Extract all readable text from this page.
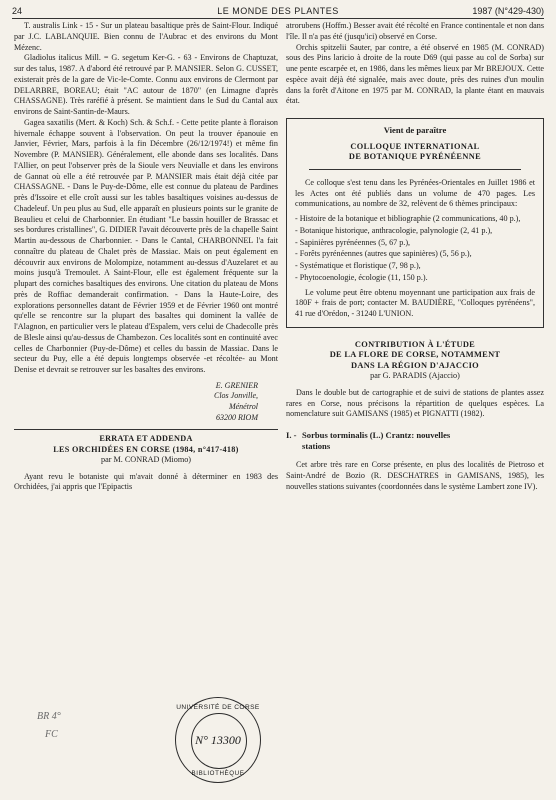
24	LE MONDE DES PLANTES	1987 (N°429-430)

T. australis Link - 15 - Sur un plateau basaltique près de Saint-Flour. Indiqué par J.C. LABLANQUIE. Bien connu de l'Aubrac et des environs du Mont Mézenc.

Gladiolus italicus Mill. = G. segetum Ker-G. - 63 - Environs de Chaptuzat, sur des talus, 1987. A d'abord été retrouvé par P. MANSIER. Selon G. CUSSET, existerait près de la gare de Vic-le-Comte. Connu aux environs de Clermont par DELARBRE, BOREAU; était "AC autour de 1870" (en Limagne d'après CHASSAGNE). Très raréfié à présent. Se maintient dans le Sud du Cantal aux environs de Saint-Santin-de-Maurs.

Gagea saxatilis (Mert. & Koch) Sch. & Sch.f. - Cette petite plante à floraison hivernale échappe souvent à l'observation. On peut la trouver épanouie en Janvier, Février, Mars, parfois à la fin Décembre (26/12/1974!) et même fin Novembre (P. MANSIER). Généralement, elle abonde dans ses localités. Dans l'Allier, on peut l'observer près de la Sioule vers Neuvialle et dans les environs de Gannat où elle a été retrouvée par P. MANSIER mais était déjà citée par CHASSAGNE. - Dans le Puy-de-Dôme, elle est connue du plateau de Pardines près d'Issoire et elle croît aussi sur les tables basaltiques voisines au-dessus de Chadeleuf. Un peu plus au Sud, elle apparaît en plusieurs points sur le granite de Beaulieu et celui de Charbonnier. En étudiant "Le bassin houiller de Brassac et ses bordures cristallines", G. DIDIER l'avait découverte près de la chapelle Saint Martin au-dessous de Charbonnier. - Dans le Cantal, CHARBONNEL l'a fait connaître du plateau de Chalet près de Massiac. Mais on peut également en découvrir aux environs de Molompize, notamment au-dessus d'Auzelaret et au moins jusqu'à Tremoulet. A Saint-Flour, elle est également fréquente sur la plupart des corniches basaltiques des environs. Une citation du plateau de Mons près de Roffiac demanderait confirmation. - Dans la Haute-Loire, des explorations personnelles datant de Février 1959 et de Février 1960 ont montré qu'elle se rencontre sur la plupart des basaltes qui dominent la vallée de l'Alagnon, en particulier vers le plateau d'Espalem, vers celui de Chadecolle près de Blesle ainsi qu'au-dessus de Chambezon. Ces localités sont en continuité avec celles de Charbonnier (Puy-de-Dôme) et celles du bassin de Massiac. Dans le secteur du Puy, elle a été depuis longtemps observée -et récoltée- au Mont Denise et devrait se retrouver sur les basaltes des environs.

E. GRENIER
Clos Jonville,
Ménétrol
63200 RIOM
ERRATA ET ADDENDA
LES ORCHIDÉES EN CORSE (1984, n°417-418)
par M. CONRAD (Miomo)

Ayant revu le botaniste qui m'avait donné à déterminer en 1983 des Orchidées, j'ai appris que l'Epipactis

atrorubens (Hoffm.) Besser avait été récolté en France continentale et non dans l'île. Il n'a pas été (jusqu'ici) observé en Corse.

Orchis spitzelii Sauter, par contre, a été observé en 1985 (M. CONRAD) sous des Pins laricio à droite de la route D69 (qui passe au col de Sorba) sur une pente escarpée et, en 1986, dans les mêmes lieux par Mr BREJOUX. Cette espèce avait déjà été signalée, mais avec doute, près des ruines d'un moulin dans la forêt d'Aitone en 1975 par M. CONRAD, la plante étant en mauvais état.

Vient de paraître
COLLOQUE INTERNATIONAL
DE BOTANIQUE PYRÉNÉENNE

Ce colloque s'est tenu dans les Pyrénées-Orientales en Juillet 1986 et les Actes ont été publiés dans un volume de 470 pages. Les communications, au nombre de 32, relèvent de 6 thèmes principaux:

- Histoire de la botanique et bibliographie (2 communications, 40 p.),
- Botanique historique, anthracologie, palynologie (2, 41 p.),
- Sapinières pyrénéennes (5, 67 p.),
- Forêts pyrénéennes (autres que sapinières) (5, 56 p.),
- Systématique et floristique (7, 98 p.),
- Phytocoenologie, écologie (11, 150 p.).

Le volume peut être obtenu moyennant une participation aux frais de 180F + frais de port; contacter M. BAUDIÈRE, "Colloques pyrénéens", 41 rue d'Orédon, - 31240 L'UNION.

CONTRIBUTION À L'ÉTUDE
DE LA FLORE DE CORSE, NOTAMMENT
DANS LA RÉGION D'AJACCIO
par G. PARADIS (Ajaccio)

Dans le double but de cartographie et de suivi de stations de plantes assez rares en Corse, nous précisons la répartition de quelques espèces. La nomenclature suit GAMISANS (1985) et PIGNATTI (1982).

I. - Sorbus torminalis (L.) Crantz: nouvelles
stations

Cet arbre très rare en Corse présente, en plus des localités de Pietroso et Saint-André de Bozio (R. DESCHATRES in GAMISANS, 1985), les nouvelles stations suivantes (coordonnées dans le système Lambert zone IV).

BR 4°
FC
UNIVERSITÉ DE CORSE
N° 13300
BIBLIOTHÈQUE
